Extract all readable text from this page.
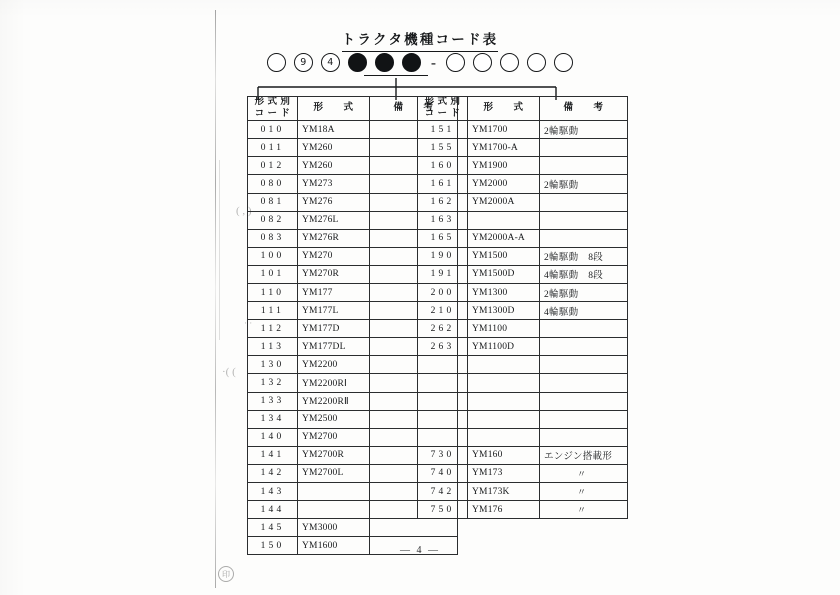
( , )
· ·
·( (
トラクタ機種コード表
9	4	-
形 式 別
コ ー ド	形　　式	備　　考
010	YM18A	
011	YM260	
012	YM260	
080	YM273	
081	YM276	
082	YM276L	
083	YM276R	
100	YM270	
101	YM270R	
110	YM177	
111	YM177L	
112	YM177D	
113	YM177DL	
130	YM2200	
132	YM2200RⅠ	
133	YM2200RⅡ	
134	YM2500	
140	YM2700	
141	YM2700R	
142	YM2700L	
143		
144		
145	YM3000	
150	YM1600	
形 式 別
コ ー ド	形　　式	備　　考
151	YM1700	2輪駆動
155	YM1700-A	
160	YM1900	
161	YM2000	2輪駆動
162	YM2000A	
163		
165	YM2000A-A	
190	YM1500	2輪駆動　8段
191	YM1500D	4輪駆動　8段
200	YM1300	2輪駆動
210	YM1300D	4輪駆動
262	YM1100	
263	YM1100D	

730	YM160	エンジン搭載形
740	YM173	〃
742	YM173K	〃
750	YM176	〃
— 4 —
印
